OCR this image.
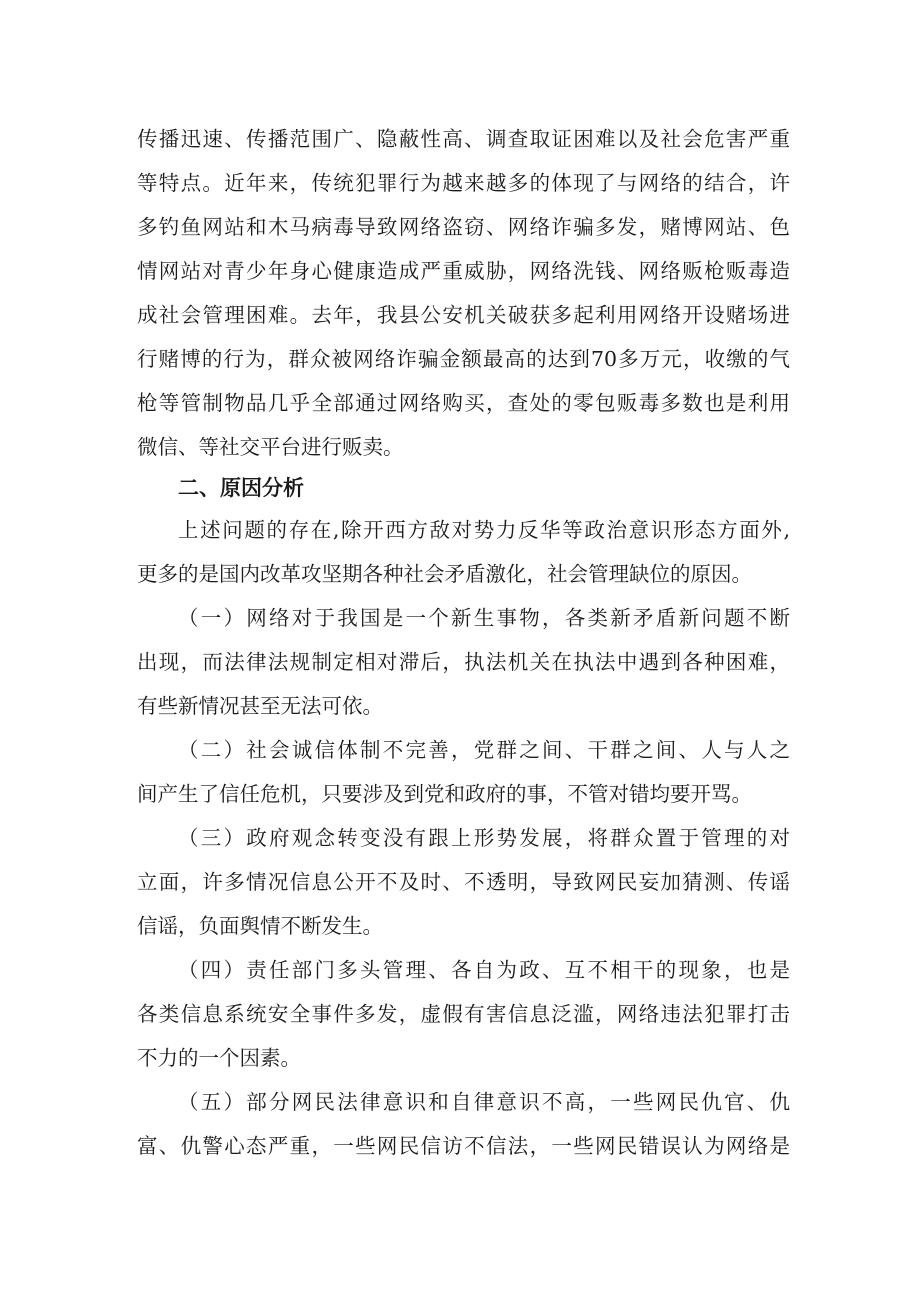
传播迅速、传播范围广、隐蔽性高、调查取证困难以及社会危害严重
等特点。近年来，传统犯罪行为越来越多的体现了与网络的结合，许
多钓鱼网站和木马病毒导致网络盗窃、网络诈骗多发，赌博网站、色
情网站对青少年身心健康造成严重威胁，网络洗钱、网络贩枪贩毒造
成社会管理困难。去年，我县公安机关破获多起利用网络开设赌场进
行赌博的行为，群众被网络诈骗金额最高的达到70多万元，收缴的气
枪等管制物品几乎全部通过网络购买，查处的零包贩毒多数也是利用
微信、等社交平台进行贩卖。
二、原因分析
上述问题的存在,除开西方敌对势力反华等政治意识形态方面外,
更多的是国内改革攻坚期各种社会矛盾激化，社会管理缺位的原因。
（一）网络对于我国是一个新生事物，各类新矛盾新问题不断
出现，而法律法规制定相对滞后，执法机关在执法中遇到各种困难，
有些新情况甚至无法可依。
（二）社会诚信体制不完善，党群之间、干群之间、人与人之
间产生了信任危机，只要涉及到党和政府的事，不管对错均要开骂。
（三）政府观念转变没有跟上形势发展，将群众置于管理的对
立面，许多情况信息公开不及时、不透明，导致网民妄加猜测、传谣
信谣，负面舆情不断发生。
（四）责任部门多头管理、各自为政、互不相干的现象，也是
各类信息系统安全事件多发，虚假有害信息泛滥，网络违法犯罪打击
不力的一个因素。
（五）部分网民法律意识和自律意识不高，一些网民仇官、仇
富、仇警心态严重，一些网民信访不信法，一些网民错误认为网络是
